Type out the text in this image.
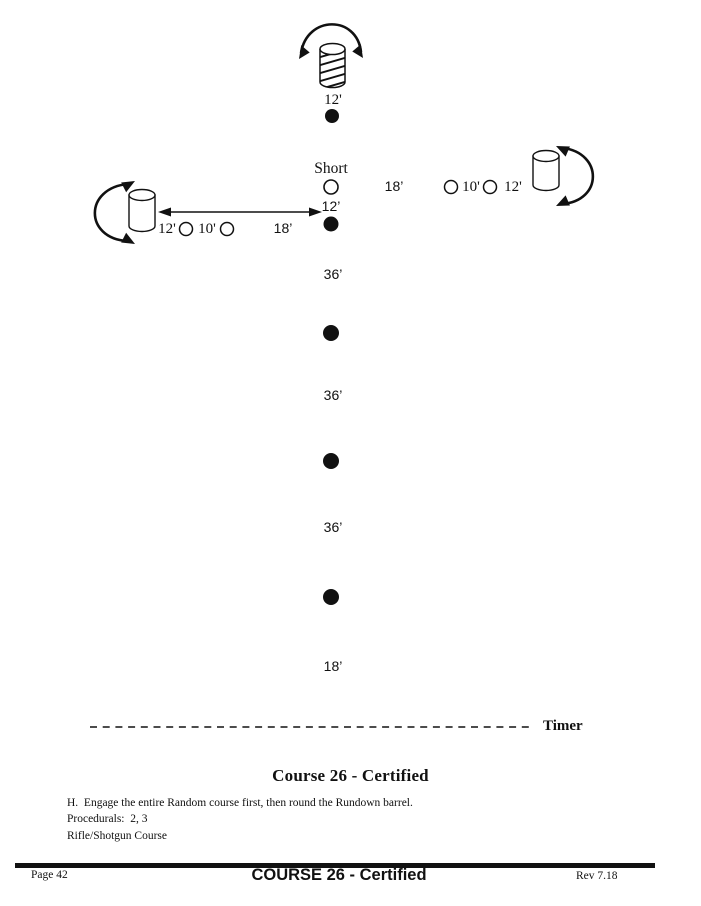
12'
Short
12’
12' 10'	18’
18’	10' 12'
36’
36’
36’
18’
Timer
Course 26 - Certified
H.  Engage the entire Random course first, then round the Rundown barrel.
Procedurals:  2, 3
Rifle/Shotgun Course
Page 42	COURSE 26 - Certified	Rev 7.18
